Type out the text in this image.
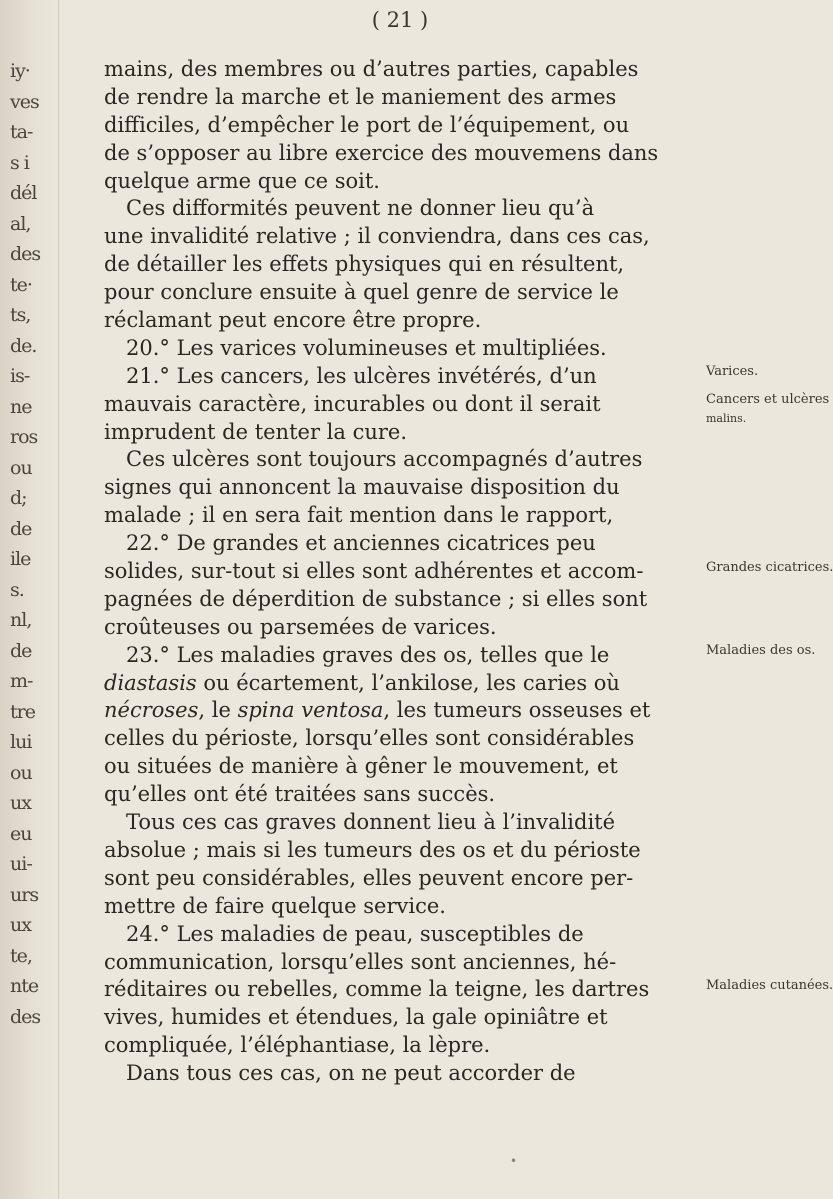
iy·
ves
ta-
s i
dél
al,
des
te·
ts,
de.
is-
ne
ros
ou
d;
de
ile
s.
nl,
de
m-
tre
lui
ou
ux
eu
ui-
urs
ux
te,
nte
des
( 21 )
mains, des membres ou d’autres parties, capables
de rendre la marche et le maniement des armes
difficiles, d’empêcher le port de l’équipement, ou
de s’opposer au libre exercice des mouvemens dans
quelque arme que ce soit.
Ces difformités peuvent ne donner lieu qu’à
une invalidité relative ; il conviendra, dans ces cas,
de détailler les effets physiques qui en résultent,
pour conclure ensuite à quel genre de service le
réclamant peut encore être propre.
20.° Les varices volumineuses et multipliées.
21.° Les cancers, les ulcères invétérés, d’un
mauvais caractère, incurables ou dont il serait
imprudent de tenter la cure.
Ces ulcères sont toujours accompagnés d’autres
signes qui annoncent la mauvaise disposition du
malade ; il en sera fait mention dans le rapport,
22.° De grandes et anciennes cicatrices peu
solides, sur-tout si elles sont adhérentes et accom-
pagnées de déperdition de substance ; si elles sont
croûteuses ou parsemées de varices.
23.° Les maladies graves des os, telles que le
diastasis ou écartement, l’ankilose, les caries où
nécroses, le spina ventosa, les tumeurs osseuses et
celles du périoste, lorsqu’elles sont considérables
ou situées de manière à gêner le mouvement, et
qu’elles ont été traitées sans succès.
Tous ces cas graves donnent lieu à l’invalidité
absolue ; mais si les tumeurs des os et du périoste
sont peu considérables, elles peuvent encore per-
mettre de faire quelque service.
24.° Les maladies de peau, susceptibles de
communication, lorsqu’elles sont anciennes, hé-
réditaires ou rebelles, comme la teigne, les dartres
vives, humides et étendues, la gale opiniâtre et
compliquée, l’éléphantiase, la lèpre.
Dans tous ces cas, on ne peut accorder de
Varices.
Cancers et ulcères
malins.
Grandes cicatrices.
Maladies des os.
Maladies cutanées.
•
